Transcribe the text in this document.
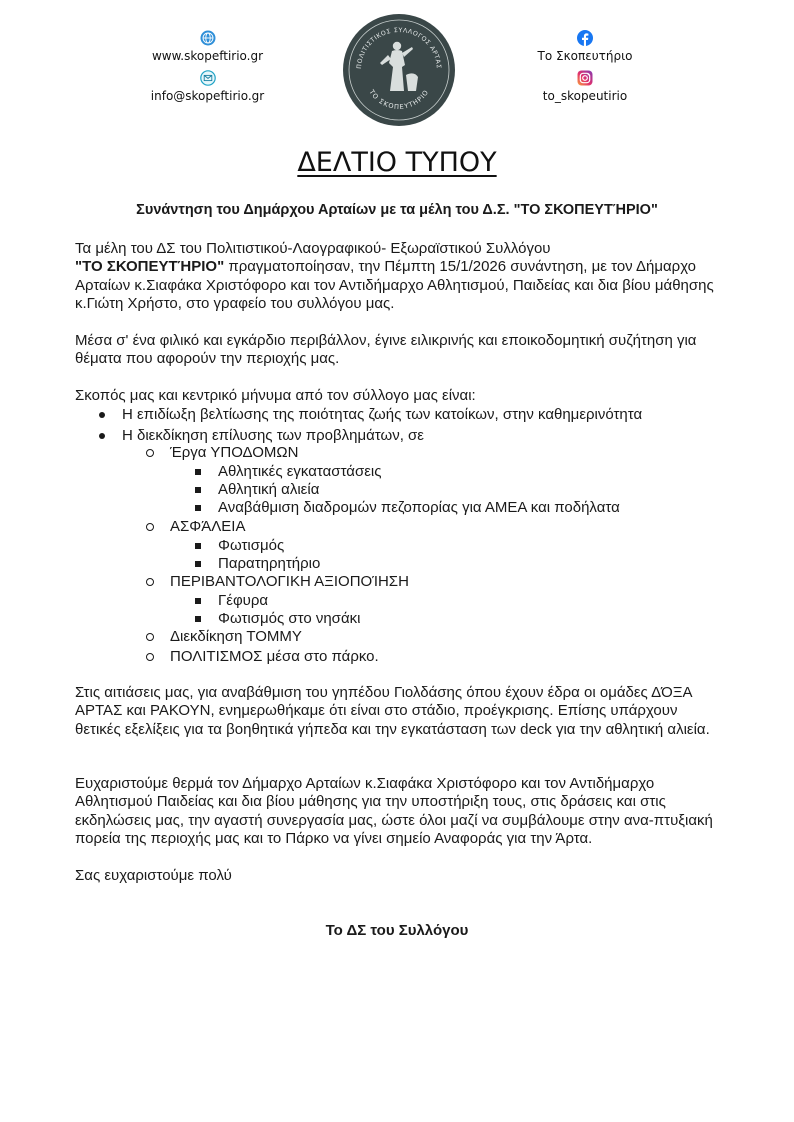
www.skopeftirio.gr
info@skopeftirio.gr
Το Σκοπευτήριο
to_skopeutirio
ΠΟΛΙΤΙΣΤΙΚΟΣ ΣΥΛΛΟΓΟΣ ΑΡΤΑΣ
ΤΟ ΣΚΟΠΕΥΤΗΡΙΟ
ΔΕΛΤΙΟ ΤΥΠΟΥ
Συνάντηση του Δημάρχου Αρταίων με τα μέλη του Δ.Σ. "ΤΟ ΣΚΟΠΕΥΤΉΡΙΟ"

Τα μέλη του ΔΣ του Πολιτιστικού-Λαογραφικού- Εξωραϊστικού Συλλόγου
"ΤΟ ΣΚΟΠΕΥΤΉΡΙΟ" πραγματοποίησαν, την Πέμπτη 15/1/2026 συνάντηση, με τον Δήμαρχο Αρταίων κ.Σιαφάκα Χριστόφορο και τον Αντιδήμαρχο Αθλητισμού, Παιδείας και δια βίου μάθησης κ.Γιώτη Χρήστο, στο γραφείο του συλλόγου μας.

Μέσα σ' ένα φιλικό και εγκάρδιο περιβάλλον, έγινε ειλικρινής και εποικοδομητική συζήτηση για θέματα που αφορούν την περιοχής μας.

Σκοπός μας και κεντρικό μήνυμα από τον σύλλογο μας είναι:

Η επιδίωξη βελτίωσης της ποιότητας ζωής των κατοίκων, στην καθημερινότητα
Η διεκδίκηση επίλυσης των προβλημάτων, σε
Έργα ΥΠΟΔΟΜΩΝ
Αθλητικές εγκαταστάσεις
Αθλητική αλιεία
Αναβάθμιση διαδρομών πεζοπορίας για ΑΜΕΑ και ποδήλατα
ΑΣΦΆΛΕΙΑ
Φωτισμός
Παρατηρητήριο
ΠΕΡΙΒΑΝΤΟΛΟΓΙΚΗ ΑΞΙΟΠΟΊΗΣΗ
Γέφυρα
Φωτισμός στο νησάκι
Διεκδίκηση ΤΟΜΜΥ
ΠΟΛΙΤΙΣΜΟΣ μέσα στο πάρκο.

Στις αιτιάσεις μας, για αναβάθμιση του γηπέδου Γιολδάσης όπου έχουν έδρα οι ομάδες ΔΌΞΑ ΑΡΤΑΣ και ΡΑΚΟΥΝ, ενημερωθήκαμε ότι είναι στο στάδιο, προέγκρισης. Επίσης υπάρχουν θετικές εξελίξεις για τα βοηθητικά γήπεδα και την εγκατάσταση των deck για την αθλητική αλιεία.

Ευχαριστούμε θερμά τον Δήμαρχο Αρταίων κ.Σιαφάκα Χριστόφορο και τον Αντιδήμαρχο Αθλητισμού Παιδείας και δια βίου μάθησης για την υποστήριξη τους, στις δράσεις και στις εκδηλώσεις μας, την αγαστή συνεργασία μας, ώστε όλοι μαζί να συμβάλουμε στην ανα-πτυξιακή πορεία της περιοχής μας και το Πάρκο να γίνει σημείο Αναφοράς για την Άρτα.

Σας ευχαριστούμε πολύ

Το ΔΣ του Συλλόγου
